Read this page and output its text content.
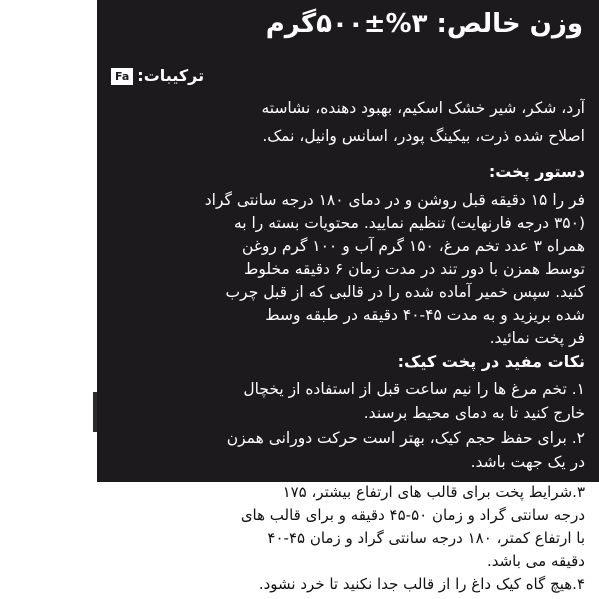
وزن خالص: ۳%±۵۰۰گرم
Fa ترکیبات:
آرد، شکر، شیر خشک اسکیم، بهبود دهنده، نشاسته
اصلاح شده ذرت، بیکینگ پودر، اسانس وانیل، نمک.
دستور پخت:
فر را ۱۵ دقیقه قبل روشن و در دمای ۱۸۰ درجه سانتی گراد
(۳۵۰ درجه فارنهایت) تنظیم نمایید. محتویات بسته را به
همراه ۳ عدد تخم مرغ، ۱۵۰ گرم آب و ۱۰۰ گرم روغن
توسط همزن با دور تند در مدت زمان ۶ دقیقه مخلوط
کنید. سپس خمیر آماده شده را در قالبی که از قبل چرب
شده بریزید و به مدت ۴۵-۴۰ دقیقه در طبقه وسط
فر پخت نمائید.
نکات مفید در پخت کیک:
۱. تخم مرغ ها را نیم ساعت قبل از استفاده از یخچال
خارج کنید تا به دمای محیط برسند.
۲. برای حفظ حجم کیک، بهتر است حرکت دورانی همزن
در یک جهت باشد.
۳.شرایط پخت برای قالب های ارتفاع بیشتر، ۱۷۵
درجه سانتی گراد و زمان ۵۰-۴۵ دقیقه و برای قالب های
با ارتفاع کمتر، ۱۸۰ درجه سانتی گراد و زمان ۴۵-۴۰
دقیقه می باشد.
۴.هیچ گاه کیک داغ را از قالب جدا نکنید تا خرد نشود.
